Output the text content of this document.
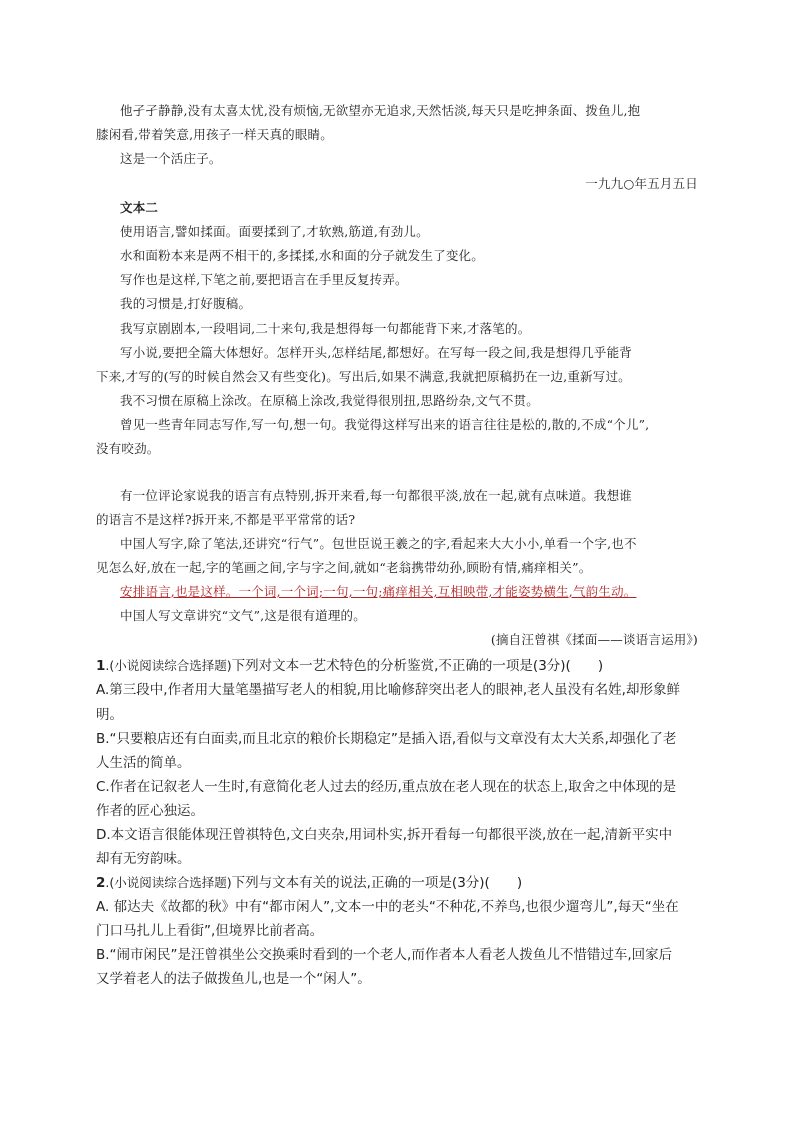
他孑孑静静,没有太喜太忧,没有烦恼,无欲望亦无追求,天然恬淡,每天只是吃抻条面、拨鱼儿,抱
膝闲看,带着笑意,用孩子一样天真的眼睛。
这是一个活庄子。
一九九○年五月五日
文本二
使用语言,譬如揉面。面要揉到了,才软熟,筋道,有劲儿。
水和面粉本来是两不相干的,多揉揉,水和面的分子就发生了变化。
写作也是这样,下笔之前,要把语言在手里反复抟弄。
我的习惯是,打好腹稿。
我写京剧剧本,一段唱词,二十来句,我是想得每一句都能背下来,才落笔的。
写小说,要把全篇大体想好。怎样开头,怎样结尾,都想好。在写每一段之间,我是想得几乎能背
下来,才写的(写的时候自然会又有些变化)。写出后,如果不满意,我就把原稿扔在一边,重新写过。
我不习惯在原稿上涂改。在原稿上涂改,我觉得很別扭,思路纷杂,文气不贯。
曾见一些青年同志写作,写一句,想一句。我觉得这样写出来的语言往往是松的,散的,不成“个儿”,
没有咬劲。
有一位评论家说我的语言有点特别,拆开来看,每一句都很平淡,放在一起,就有点味道。我想谁
的语言不是这样?拆开来,不都是平平常常的话?
中国人写字,除了笔法,还讲究“行气”。包世臣说王羲之的字,看起来大大小小,单看一个字,也不
见怎么好,放在一起,字的笔画之间,字与字之间,就如“老翁携带幼孙,顾盼有情,痛痒相关”。
安排语言,也是这样。一个词,一个词;一句,一句;痛痒相关,互相映带,才能姿势横生,气韵生动。
中国人写文章讲究“文气”,这是很有道理的。
(摘自汪曾祺《揉面——谈语言运用》)
1.(小说阅读综合选择题)下列对文本一艺术特色的分析鉴赏,不正确的一项是(3分)(　　)
A.第三段中,作者用大量笔墨描写老人的相貌,用比喻修辞突出老人的眼神,老人虽没有名姓,却形象鲜
明。
B.“只要粮店还有白面卖,而且北京的粮价长期稳定”是插入语,看似与文章没有太大关系,却强化了老
人生活的简单。
C.作者在记叙老人一生时,有意简化老人过去的经历,重点放在老人现在的状态上,取舍之中体现的是
作者的匠心独运。
D.本文语言很能体现汪曾祺特色,文白夹杂,用词朴实,拆开看每一句都很平淡,放在一起,清新平实中
却有无穷韵味。
2.(小说阅读综合选择题)下列与文本有关的说法,正确的一项是(3分)(　　)
A. 郁达夫《故都的秋》中有“都市闲人”,文本一中的老头“不种花,不养鸟,也很少遛弯儿”,每天“坐在
门口马扎儿上看街”,但境界比前者高。
B.“闹市闲民”是汪曾祺坐公交换乘时看到的一个老人,而作者本人看老人拨鱼儿不惜错过车,回家后
又学着老人的法子做拨鱼儿,也是一个“闲人”。
